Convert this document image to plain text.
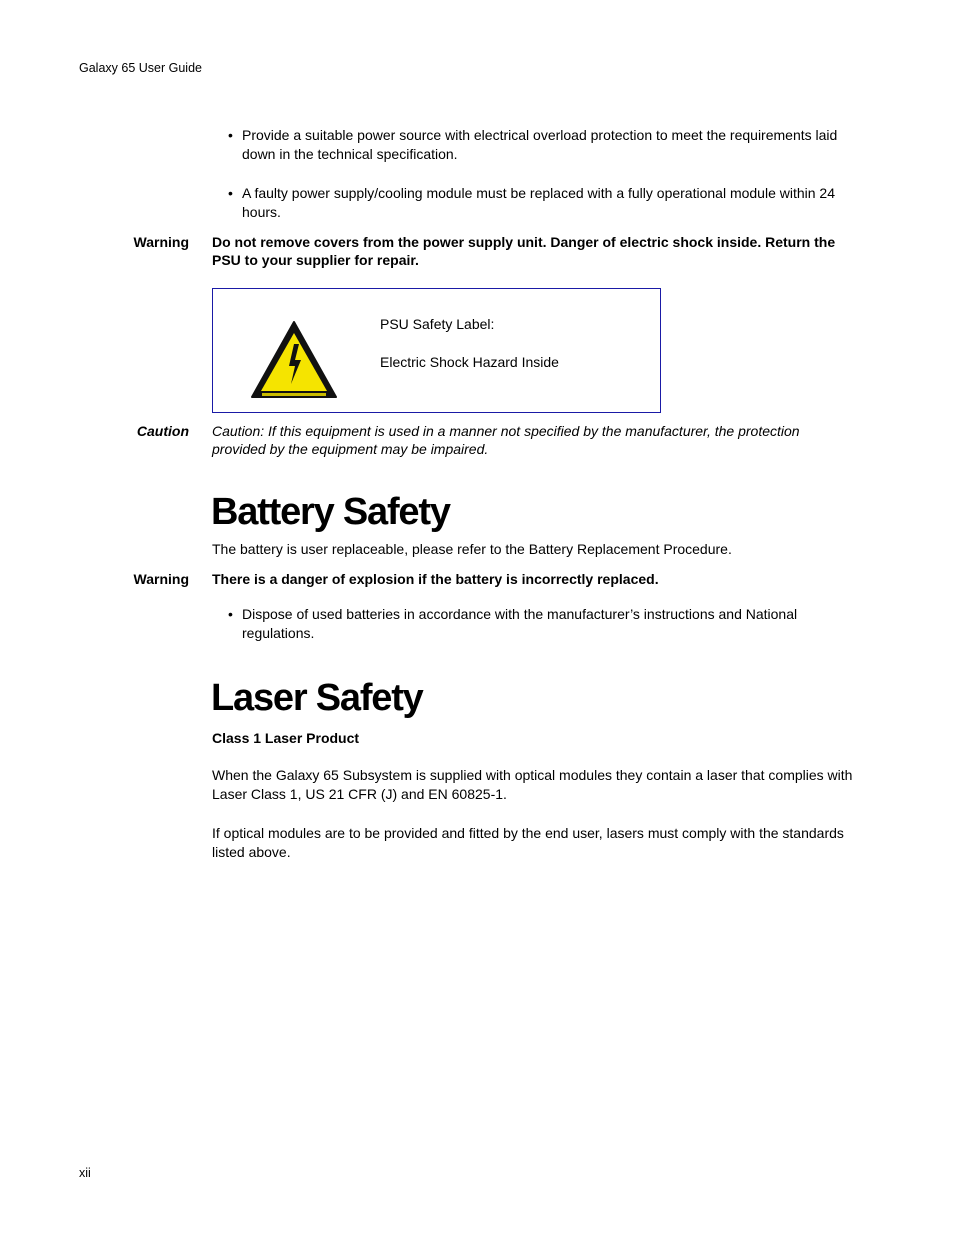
Galaxy 65 User Guide
• Provide a suitable power source with electrical overload protection to meet the requirements laid down in the technical specification.
• A faulty power supply/cooling module must be replaced with a fully operational module within 24 hours.
Warning Do not remove covers from the power supply unit. Danger of electric shock inside. Return the PSU to your supplier for repair.
PSU Safety Label:
Electric Shock Hazard Inside
Caution Caution: If this equipment is used in a manner not specified by the manufacturer, the protection provided by the equipment may be impaired.
Battery Safety
The battery is user replaceable, please refer to the Battery Replacement Procedure.
Warning There is a danger of explosion if the battery is incorrectly replaced.
• Dispose of used batteries in accordance with the manufacturer’s instructions and National regulations.
Laser Safety
Class 1 Laser Product
When the Galaxy 65 Subsystem is supplied with optical modules they contain a laser that complies with Laser Class 1, US 21 CFR (J) and EN 60825-1.
If optical modules are to be provided and fitted by the end user, lasers must comply with the standards listed above.
xii
